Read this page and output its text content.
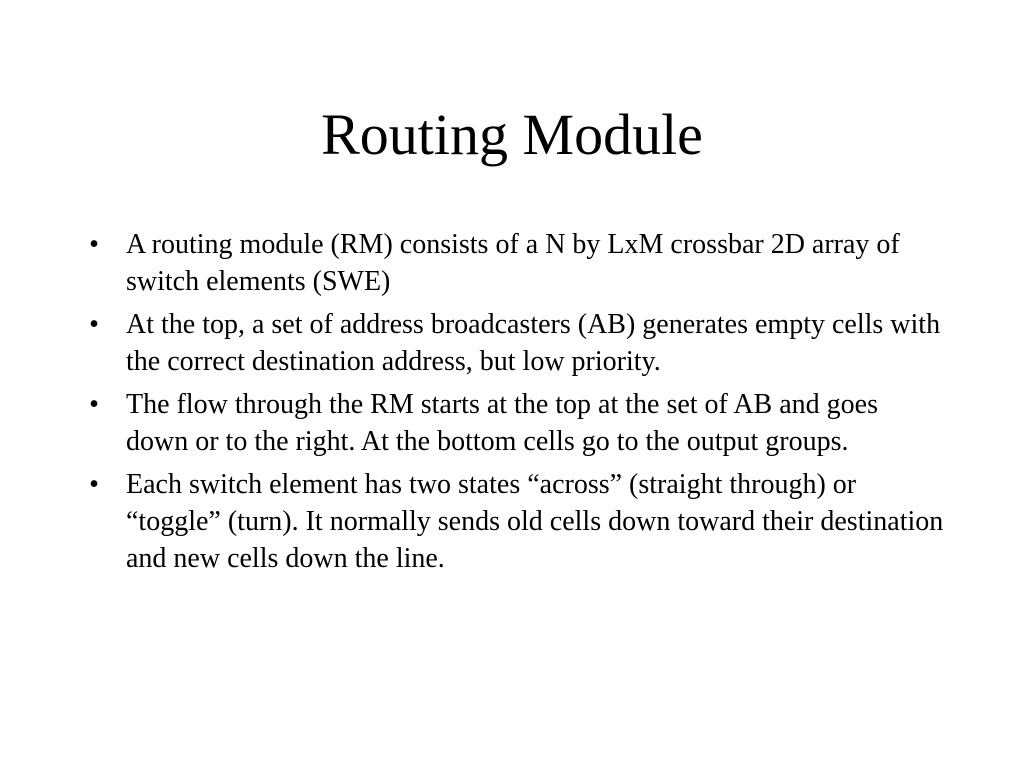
Routing Module
• A routing module (RM) consists of a N by LxM crossbar 2D array of switch elements (SWE)
• At the top, a set of address broadcasters (AB) generates empty cells with the correct destination address, but low priority.
• The flow through the RM starts at the top at the set of AB and goes down or to the right. At the bottom cells go to the output groups.
• Each switch element has two states “across” (straight through) or “toggle” (turn). It normally sends old cells down toward their destination and new cells down the line.
